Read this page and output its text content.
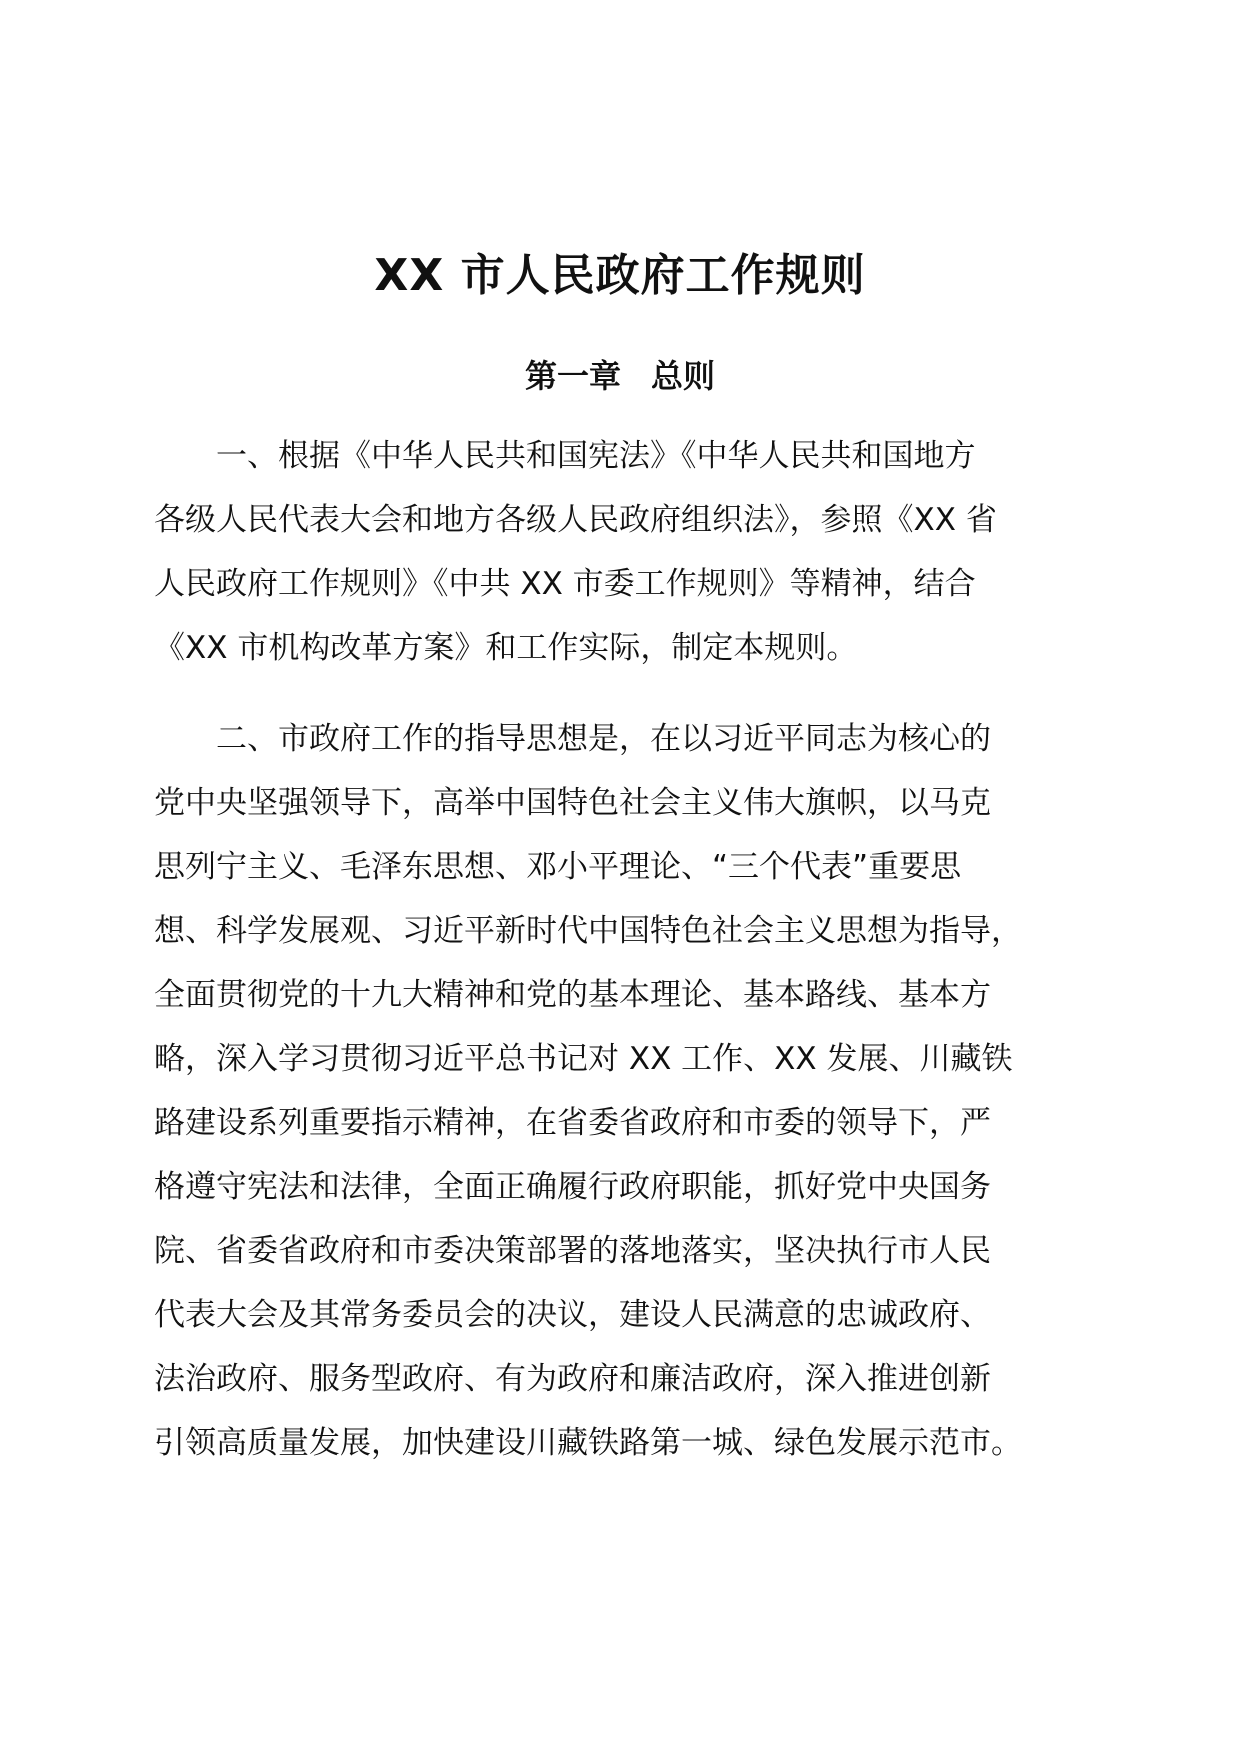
XX 市人民政府工作规则
第一章 总则
　　一、根据《中华人民共和国宪法》《中华人民共和国地方
各级人民代表大会和地方各级人民政府组织法》，参照《XX 省
人民政府工作规则》《中共 XX 市委工作规则》等精神，结合
《XX 市机构改革方案》和工作实际，制定本规则。
　　二、市政府工作的指导思想是，在以习近平同志为核心的
党中央坚强领导下，高举中国特色社会主义伟大旗帜，以马克
思列宁主义、毛泽东思想、邓小平理论、“三个代表”重要思
想、科学发展观、习近平新时代中国特色社会主义思想为指导，
全面贯彻党的十九大精神和党的基本理论、基本路线、基本方
略，深入学习贯彻习近平总书记对 XX 工作、XX 发展、川藏铁
路建设系列重要指示精神，在省委省政府和市委的领导下，严
格遵守宪法和法律，全面正确履行政府职能，抓好党中央国务
院、省委省政府和市委决策部署的落地落实，坚决执行市人民
代表大会及其常务委员会的决议，建设人民满意的忠诚政府、
法治政府、服务型政府、有为政府和廉洁政府，深入推进创新
引领高质量发展，加快建设川藏铁路第一城、绿色发展示范市。
